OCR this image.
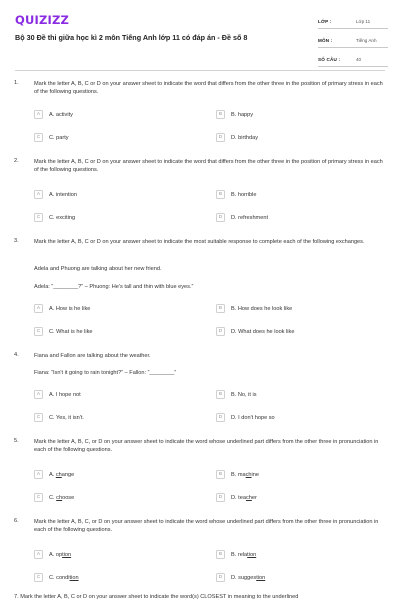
QUIZIZZ
Bộ 30 Đề thi giữa học kì 2 môn Tiếng Anh lớp 11 có đáp án - Đề số 8
LỚP :	Lớp 11
MÔN :	Tiếng Anh
SỐ CÂU :	40
1.	Mark the letter A, B, C or D on your answer sheet to indicate the word that differs from the other three in the position of primary stress in each of the following questions.
A	A. activity	B	B. happy
C	C. party	D	D. birthday
2.	Mark the letter A, B, C or D on your answer sheet to indicate the word that differs from the other three in the position of primary stress in each of the following questions.
A	A. intention	B	B. horrible
C	C. exciting	D	D. refreshment
3.	Mark the letter A, B, C or D on your answer sheet to indicate the most suitable response to complete each of the following exchanges.
Adela and Phuong are talking about her new friend.
Adela: “________?” – Phuong: He's tall and thin with blue eyes.”
A	A. How is he like	B	B. How does he look like
C	C. What is he like	D	D. What does he look like
4.	Fiana and Fallon are talking about the weather.
Fiana: “Isn't it going to rain tonight?” – Fallon: “________”
A	A. I hope not	B	B. No, it is
C	C. Yes, it isn't.	D	D. I don't hope so
5.	Mark the letter A, B, C, or D on your answer sheet to indicate the word whose underlined part differs from the other three in pronunciation in each of the following questions.
A	A. change	B	B. machine
C	C. choose	D	D. teacher
6.	Mark the letter A, B, C, or D on your answer sheet to indicate the word whose underlined part differs from the other three in pronunciation in each of the following questions.
A	A. option	B	B. relation
C	C. condition	D	D. suggestion
7. Mark the letter A, B, C or D on your answer sheet to indicate the word(s) CLOSEST in meaning to the underlined
